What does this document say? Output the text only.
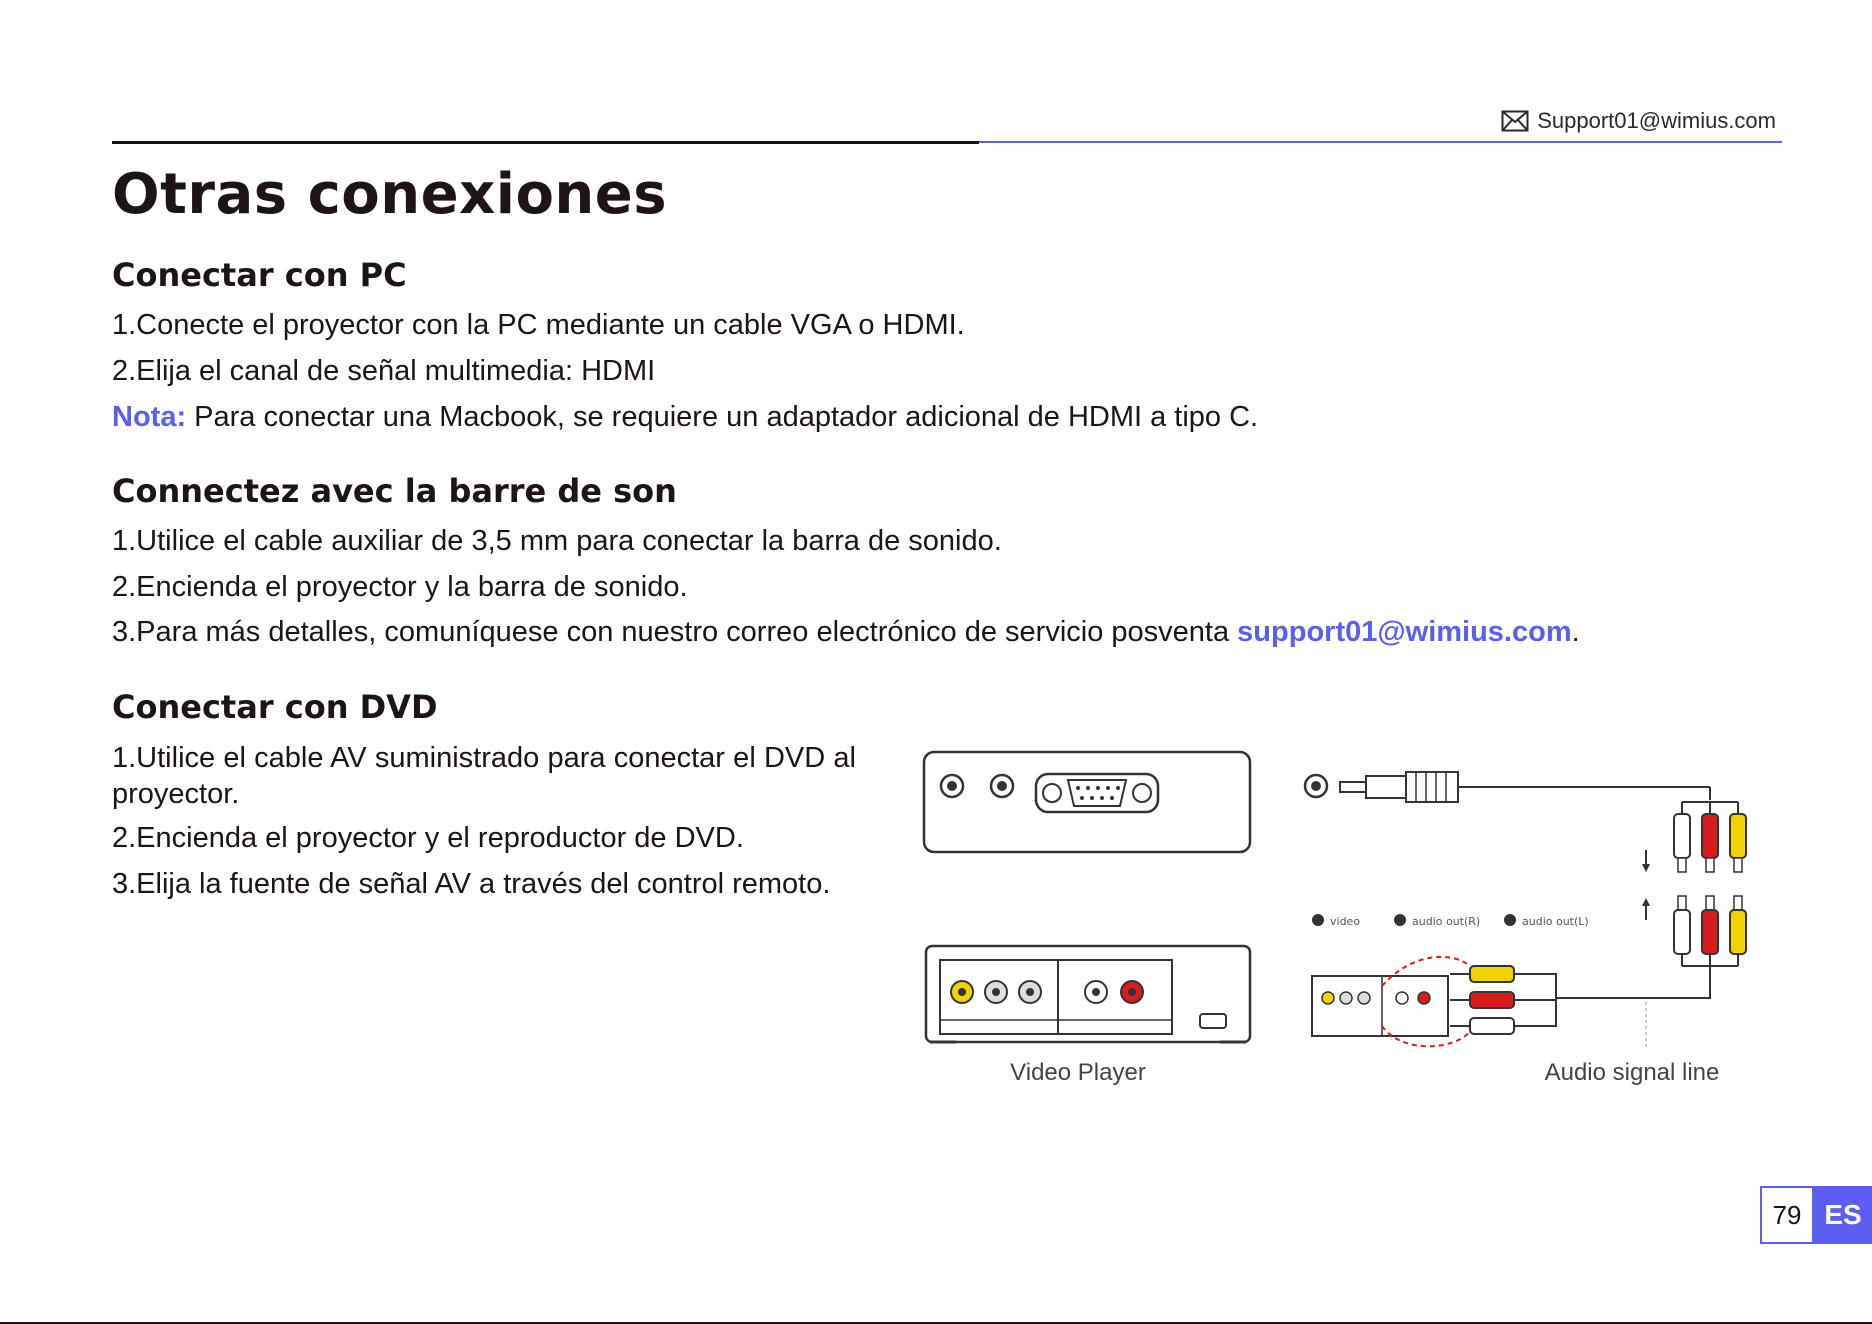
Support01@wimius.com
Otras conexiones
Conectar con PC

1.Conecte el proyector con la PC mediante un cable VGA o HDMI.

2.Elija el canal de señal multimedia: HDMI

Nota: Para conectar una Macbook, se requiere un adaptador adicional de HDMI a tipo C.

Connectez avec la barre de son

1.Utilice el cable auxiliar de 3,5 mm para conectar la barra de sonido.

2.Encienda el proyector y la barra de sonido.

3.Para más detalles, comuníquese con nuestro correo electrónico de servicio posventa support01@wimius.com.

Conectar con DVD

1.Utilice el cable AV suministrado para conectar el DVD al proyector.

2.Encienda el proyector y el reproductor de DVD.

3.Elija la fuente de señal AV a través del control remoto.

video	audio out(R)	audio out(L)
Video Player	Audio signal line
79 ES
